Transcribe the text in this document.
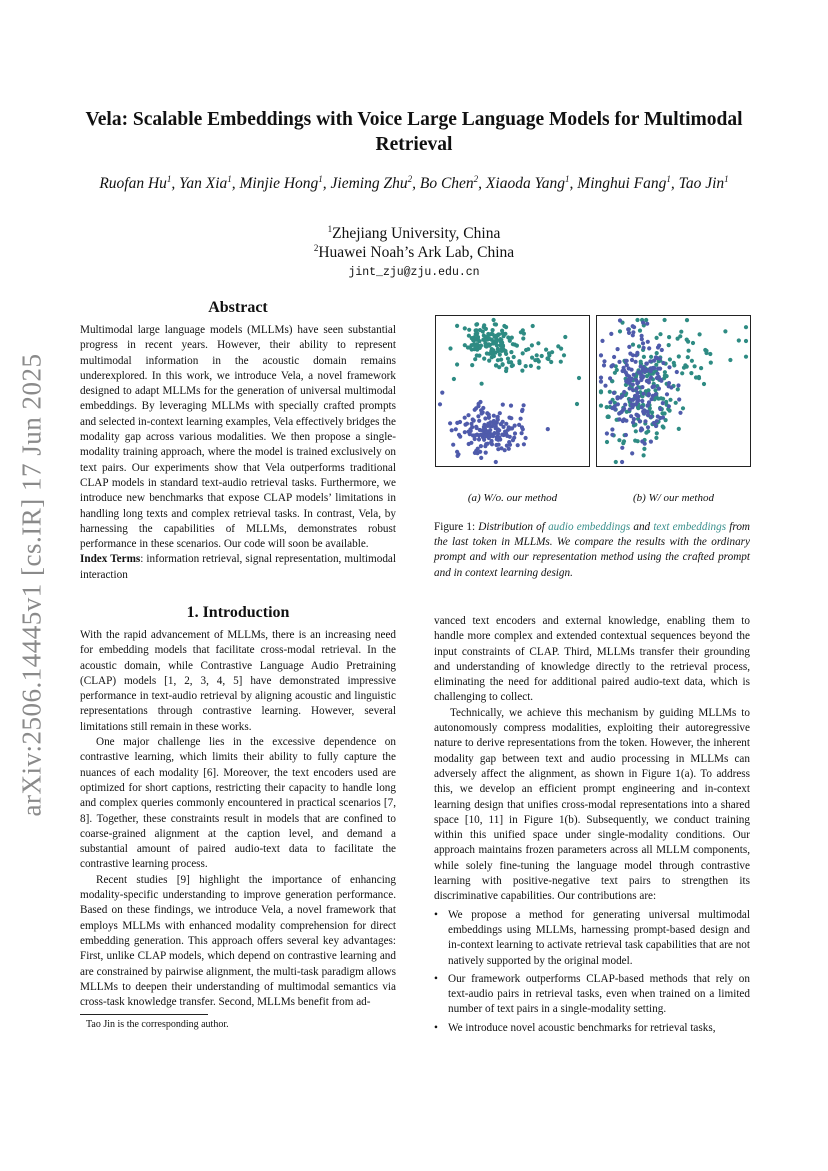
arXiv:2506.14445v1 [cs.IR] 17 Jun 2025
Vela: Scalable Embeddings with Voice Large Language Models for Multimodal Retrieval
Ruofan Hu$^1$, Yan Xia$^1$, Minjie Hong$^1$, Jieming Zhu$^2$, Bo Chen$^2$, Xiaoda Yang$^1$, Minghui Fang$^1$, Tao Jin$^1$
$^1$Zhejiang University, China
$^2$Huawei Noah’s Ark Lab, China
jint_zju@zju.edu.cn
Abstract

Multimodal large language models (MLLMs) have seen substantial progress in recent years. However, their ability to represent multimodal information in the acoustic domain remains underexplored. In this work, we introduce Vela, a novel framework designed to adapt MLLMs for the generation of universal multimodal embeddings. By leveraging MLLMs with specially crafted prompts and selected in-context learning examples, Vela effectively bridges the modality gap across various modalities. We then propose a single-modality training approach, where the model is trained exclusively on text pairs. Our experiments show that Vela outperforms traditional CLAP models in standard text-audio retrieval tasks. Furthermore, we introduce new benchmarks that expose CLAP models’ limitations in handling long texts and complex retrieval tasks. In contrast, Vela, by harnessing the capabilities of MLLMs, demonstrates robust performance in these scenarios. Our code will soon be available.

Index Terms: information retrieval, signal representation, multimodal interaction

1. Introduction

With the rapid advancement of MLLMs, there is an increasing need for embedding models that facilitate cross-modal retrieval. In the acoustic domain, while Contrastive Language Audio Pretraining (CLAP) models [1, 2, 3, 4, 5] have demonstrated impressive performance in text-audio retrieval by aligning acoustic and linguistic representations through contrastive learning. However, several limitations still remain in these works.

One major challenge lies in the excessive dependence on contrastive learning, which limits their ability to fully capture the nuances of each modality [6]. Moreover, the text encoders used are optimized for short captions, restricting their capacity to handle long and complex queries commonly encountered in practical scenarios [7, 8]. Together, these constraints result in models that are confined to coarse-grained alignment at the caption level, and demand a substantial amount of paired audio-text data to facilitate the contrastive learning process.

Recent studies [9] highlight the importance of enhancing modality-specific understanding to improve generation performance. Based on these findings, we introduce Vela, a novel framework that employs MLLMs with enhanced modality comprehension for direct embedding generation. This approach offers several key advantages: First, unlike CLAP models, which depend on contrastive learning and are constrained by pairwise alignment, the multi-task paradigm allows MLLMs to deepen their understanding of multimodal semantics via cross-task knowledge transfer. Second, MLLMs benefit from ad-

Tao Jin is the corresponding author.
(a) W/o. our method	(b) W/ our method
Figure 1: Distribution of audio embeddings and text embeddings from the last token in MLLMs. We compare the results with the ordinary prompt and with our representation method using the crafted prompt and in context learning design.

vanced text encoders and external knowledge, enabling them to handle more complex and extended contextual sequences beyond the input constraints of CLAP. Third, MLLMs transfer their grounding and understanding of knowledge directly to the retrieval process, eliminating the need for additional paired audio-text data, which is challenging to collect.

Technically, we achieve this mechanism by guiding MLLMs to autonomously compress modalities, exploiting their autoregressive nature to derive representations from the token. However, the inherent modality gap between text and audio processing in MLLMs can adversely affect the alignment, as shown in Figure 1(a). To address this, we develop an efficient prompt engineering and in-context learning design that unifies cross-modal representations into a shared space [10, 11] in Figure 1(b). Subsequently, we conduct training within this unified space under single-modality conditions. Our approach maintains frozen parameters across all MLLM components, while solely fine-tuning the language model through contrastive learning with positive-negative text pairs to strengthen its discriminative capabilities. Our contributions are:

• We propose a method for generating universal multimodal embeddings using MLLMs, harnessing prompt-based design and in-context learning to activate retrieval task capabilities that are not natively supported by the original model.
• Our framework outperforms CLAP-based methods that rely on text-audio pairs in retrieval tasks, even when trained on a limited number of text pairs in a single-modality setting.
• We introduce novel acoustic benchmarks for retrieval tasks,
